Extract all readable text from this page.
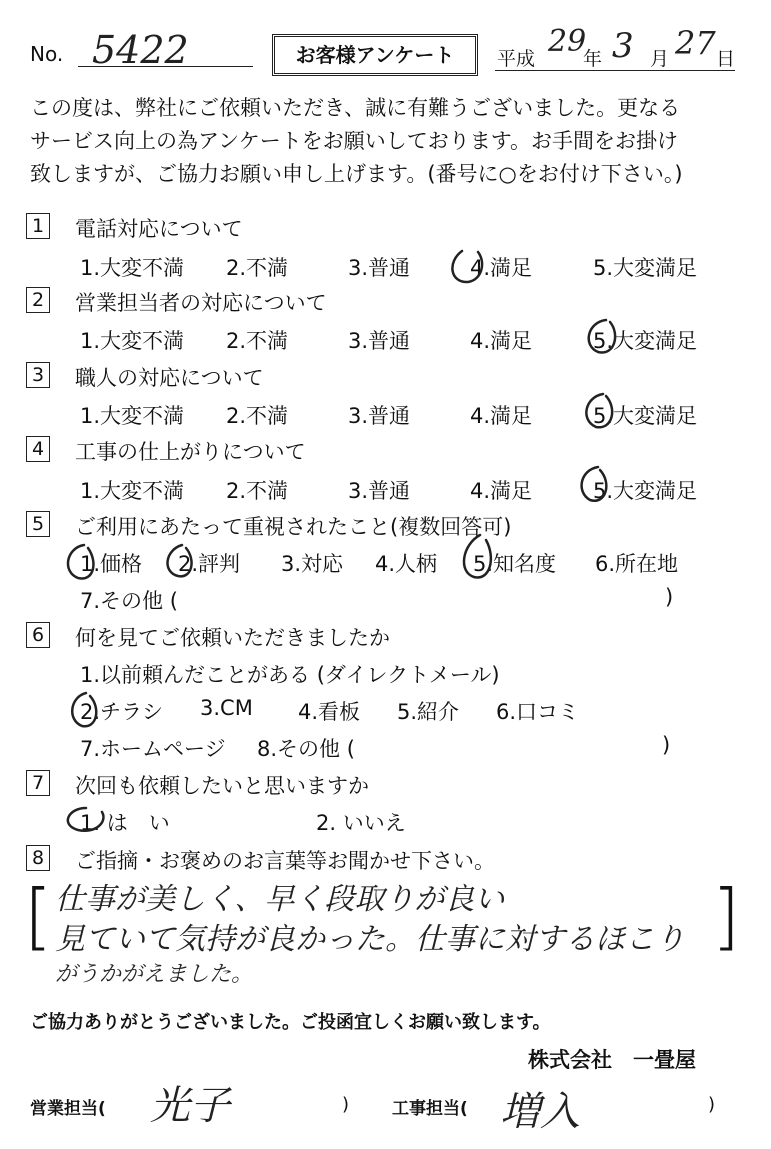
No. 5422	お客様アンケート	平成 29
年 3 月 27 日
この度は、弊社にご依頼いただき、誠に有難うございました。更なる
サービス向上の為アンケートをお願いしております。お手間をお掛け
致しますが、ご協力お願い申し上げます。(番号に○をお付け下さい。)
1 電話対応について
1.大変不満 2.不満	3.普通	4.満足	5.大変満足
2 営業担当者の対応について
1.大変不満 2.不満	3.普通	4.満足	5.大変満足
3 職人の対応について
1.大変不満 2.不満	3.普通	4.満足	5.大変満足
4 工事の仕上がりについて
1.大変不満 2.不満	3.普通	4.満足	5.大変満足
5 ご利用にあたって重視されたこと(複数回答可)
1.価格 2.評判 3.対応 4.人柄 5.知名度 6.所在地
7.その他 (	)
6 何を見てご依頼いただきましたか
1.以前頼んだことがある (ダイレクトメール)
2.チラシ 3.CM 4.看板 5.紹介 6.口コミ
7.ホームページ 8.その他 (	)
7 次回も依頼したいと思いますか
1. は　い	2. いいえ
8 ご指摘・お褒めのお言葉等お聞かせ下さい。
[	]
仕事が美しく、早く段取りが良い
見ていて気持が良かった。仕事に対するほこり
がうかがえました。
ご協力ありがとうございました。ご投函宜しくお願い致します。
株式会社　一畳屋
営業担当( 光子	)	工事担当( 増入	)
